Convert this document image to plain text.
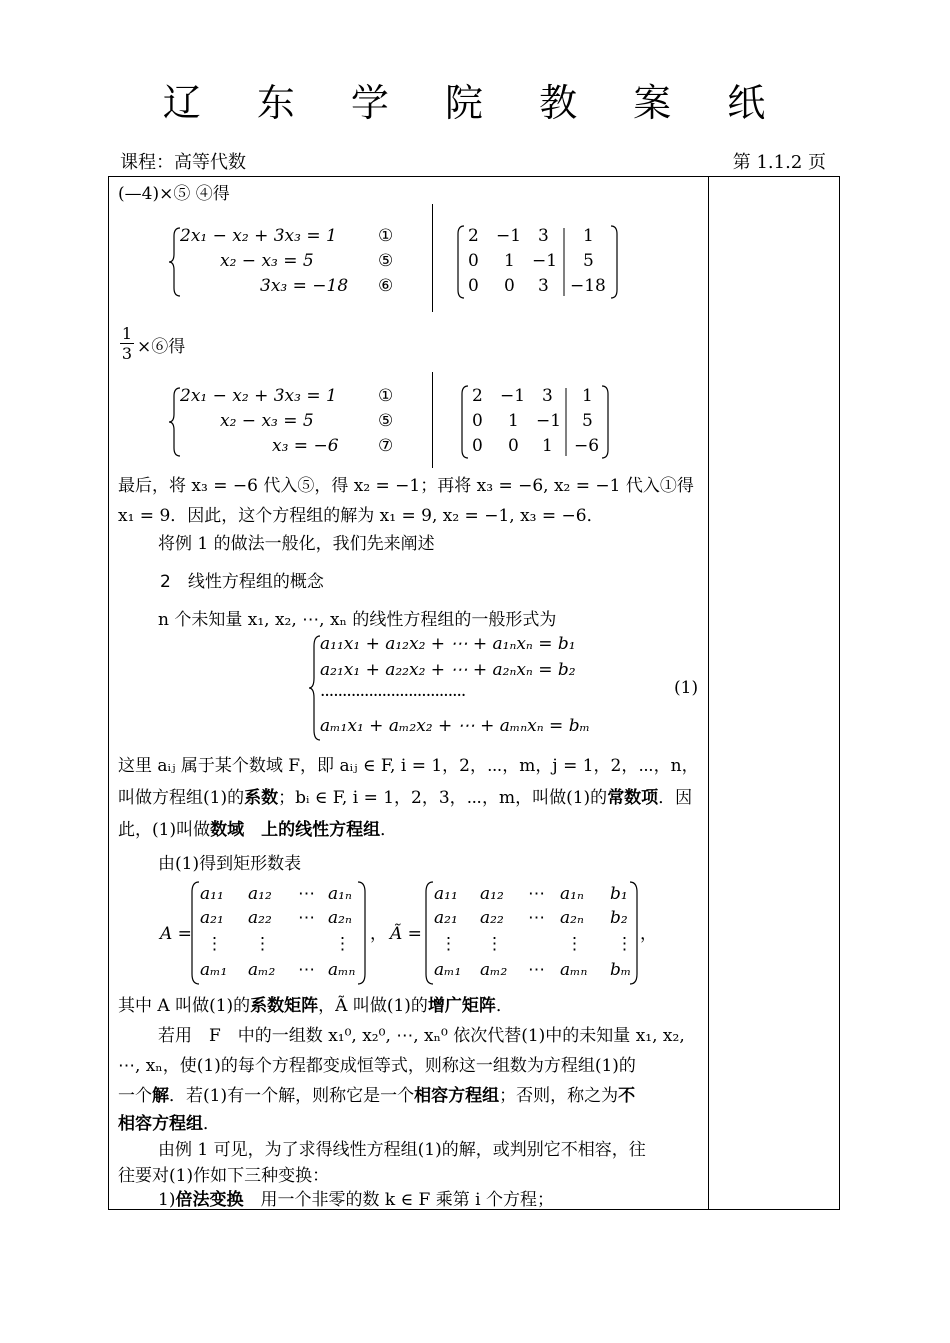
辽 东 学 院 教 案 纸
课程：高等代数	第 1.1.2 页
(—4)×⑤ ④得
2x₁ − x₂ + 3x₃ = 1
x₂ − x₃ = 5
3x₃ = −18
①
⑤
⑥
2 −1 3 1
0 1 −1 5
0 0 3 −18
$\frac{1}{3}$ ×⑥得
2x₁ − x₂ + 3x₃ = 1
x₂ − x₃ = 5
x₃ = −6
①
⑤
⑦
2 −1 3 1
0 1 −1 5
0 0 1 −6
最后，将 x₃ = −6 代入⑤，得 x₂ = −1；再将 x₃ = −6, x₂ = −1 代入①得
x₁ = 9．因此，这个方程组的解为 x₁ = 9, x₂ = −1, x₃ = −6．
将例 1 的做法一般化，我们先来阐述
2　线性方程组的概念
n 个未知量 x₁, x₂, ⋯, xₙ 的线性方程组的一般形式为
a₁₁x₁ + a₁₂x₂ + ⋯ + a₁ₙxₙ = b₁
a₂₁x₁ + a₂₂x₂ + ⋯ + a₂ₙxₙ = b₂
·································
aₘ₁x₁ + aₘ₂x₂ + ⋯ + aₘₙxₙ = bₘ
(1)
这里 aᵢⱼ 属于某个数域 F，即 aᵢⱼ ∈ F, i = 1，2，⋯，m，j = 1，2，⋯，n，
叫做方程组(1)的系数；bᵢ ∈ F, i = 1，2，3，⋯，m，叫做(1)的常数项．因
此，(1)叫做数域　上的线性方程组．
由(1)得到矩形数表
A =
a₁₁ a₁₂ ⋯ a₁ₙ
a₂₁ a₂₂ ⋯ a₂ₙ
⋮ ⋮	⋮
aₘ₁ aₘ₂ ⋯ aₘₙ
， Ã =
a₁₁ a₁₂ ⋯ a₁ₙ b₁
a₂₁ a₂₂ ⋯ a₂ₙ b₂
⋮ ⋮	⋮ ⋮
aₘ₁ aₘ₂ ⋯ aₘₙ bₘ
，
其中 A 叫做(1)的系数矩阵，Ã 叫做(1)的增广矩阵．
若用　F　中的一组数 x₁⁰, x₂⁰, ⋯, xₙ⁰ 依次代替(1)中的未知量 x₁, x₂,
⋯, xₙ，使(1)的每个方程都变成恒等式，则称这一组数为方程组(1)的
一个解．若(1)有一个解，则称它是一个相容方程组；否则，称之为不
相容方程组．
由例 1 可见，为了求得线性方程组(1)的解，或判别它不相容，往
往要对(1)作如下三种变换：
1)倍法变换　用一个非零的数 k ∈ F 乘第 i 个方程；
